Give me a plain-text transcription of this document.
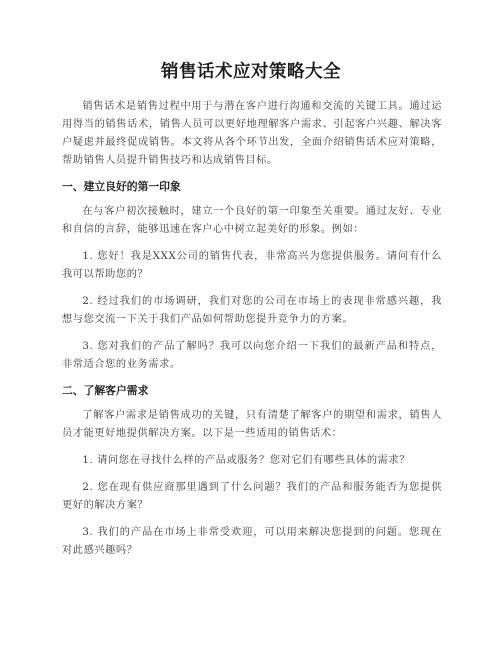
销售话术应对策略大全

销售话术是销售过程中用于与潜在客户进行沟通和交流的关键工具。通过运用得当的销售话术，销售人员可以更好地理解客户需求、引起客户兴趣、解决客户疑虑并最终促成销售。本文将从各个环节出发，全面介绍销售话术应对策略，帮助销售人员提升销售技巧和达成销售目标。

一、建立良好的第一印象

在与客户初次接触时，建立一个良好的第一印象至关重要。通过友好、专业和自信的言辞，能够迅速在客户心中树立起美好的形象。例如：

1. 您好！我是XXX公司的销售代表，非常高兴为您提供服务。请问有什么我可以帮助您的？

2. 经过我们的市场调研，我们对您的公司在市场上的表现非常感兴趣，我想与您交流一下关于我们产品如何帮助您提升竞争力的方案。

3. 您对我们的产品了解吗？我可以向您介绍一下我们的最新产品和特点，非常适合您的业务需求。

二、了解客户需求

了解客户需求是销售成功的关键，只有清楚了解客户的期望和需求，销售人员才能更好地提供解决方案。以下是一些适用的销售话术：

1. 请问您在寻找什么样的产品或服务？您对它们有哪些具体的需求？

2. 您在现有供应商那里遇到了什么问题？我们的产品和服务能否为您提供更好的解决方案？

3. 我们的产品在市场上非常受欢迎，可以用来解决您提到的问题。您现在对此感兴趣吗？
